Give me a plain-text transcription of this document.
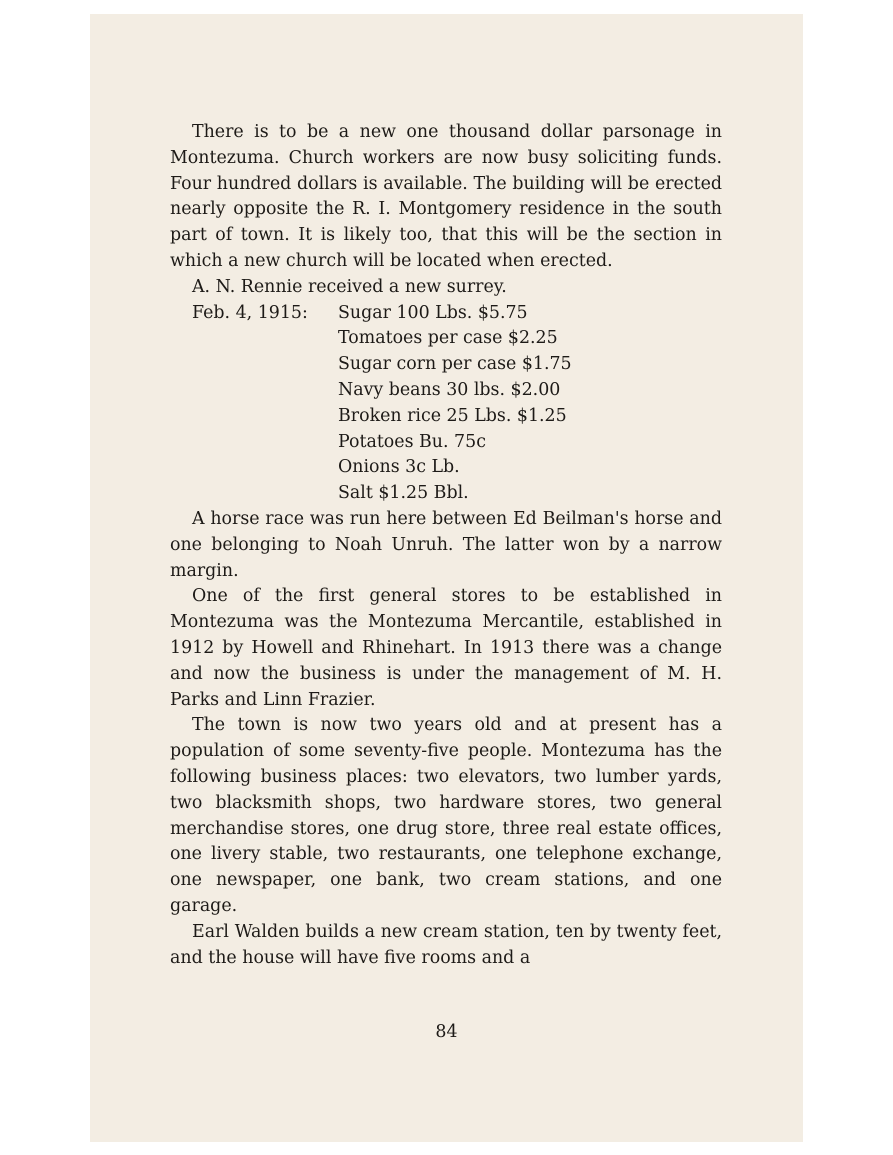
There is to be a new one thousand dollar parsonage in Montezuma. Church workers are now busy soliciting funds. Four hundred dollars is available. The building will be erected nearly opposite the R. I. Montgomery residence in the south part of town. It is likely too, that this will be the section in which a new church will be located when erected.

A. N. Rennie received a new surrey.

Feb. 4, 1915: Sugar 100 Lbs. $5.75

Tomatoes per case $2.25

Sugar corn per case $1.75

Navy beans 30 lbs. $2.00

Broken rice 25 Lbs. $1.25

Potatoes Bu. 75c

Onions 3c Lb.

Salt $1.25 Bbl.

A horse race was run here between Ed Beilman's horse and one belonging to Noah Unruh. The latter won by a narrow margin.

One of the first general stores to be established in Montezuma was the Montezuma Mercantile, established in 1912 by Howell and Rhinehart. In 1913 there was a change and now the business is under the management of M. H. Parks and Linn Frazier.

The town is now two years old and at present has a population of some seventy-five people. Montezuma has the following business places: two elevators, two lumber yards, two blacksmith shops, two hardware stores, two general merchandise stores, one drug store, three real estate offices, one livery stable, two restaurants, one telephone exchange, one newspaper, one bank, two cream stations, and one garage.

Earl Walden builds a new cream station, ten by twenty feet, and the house will have five rooms and a

84
